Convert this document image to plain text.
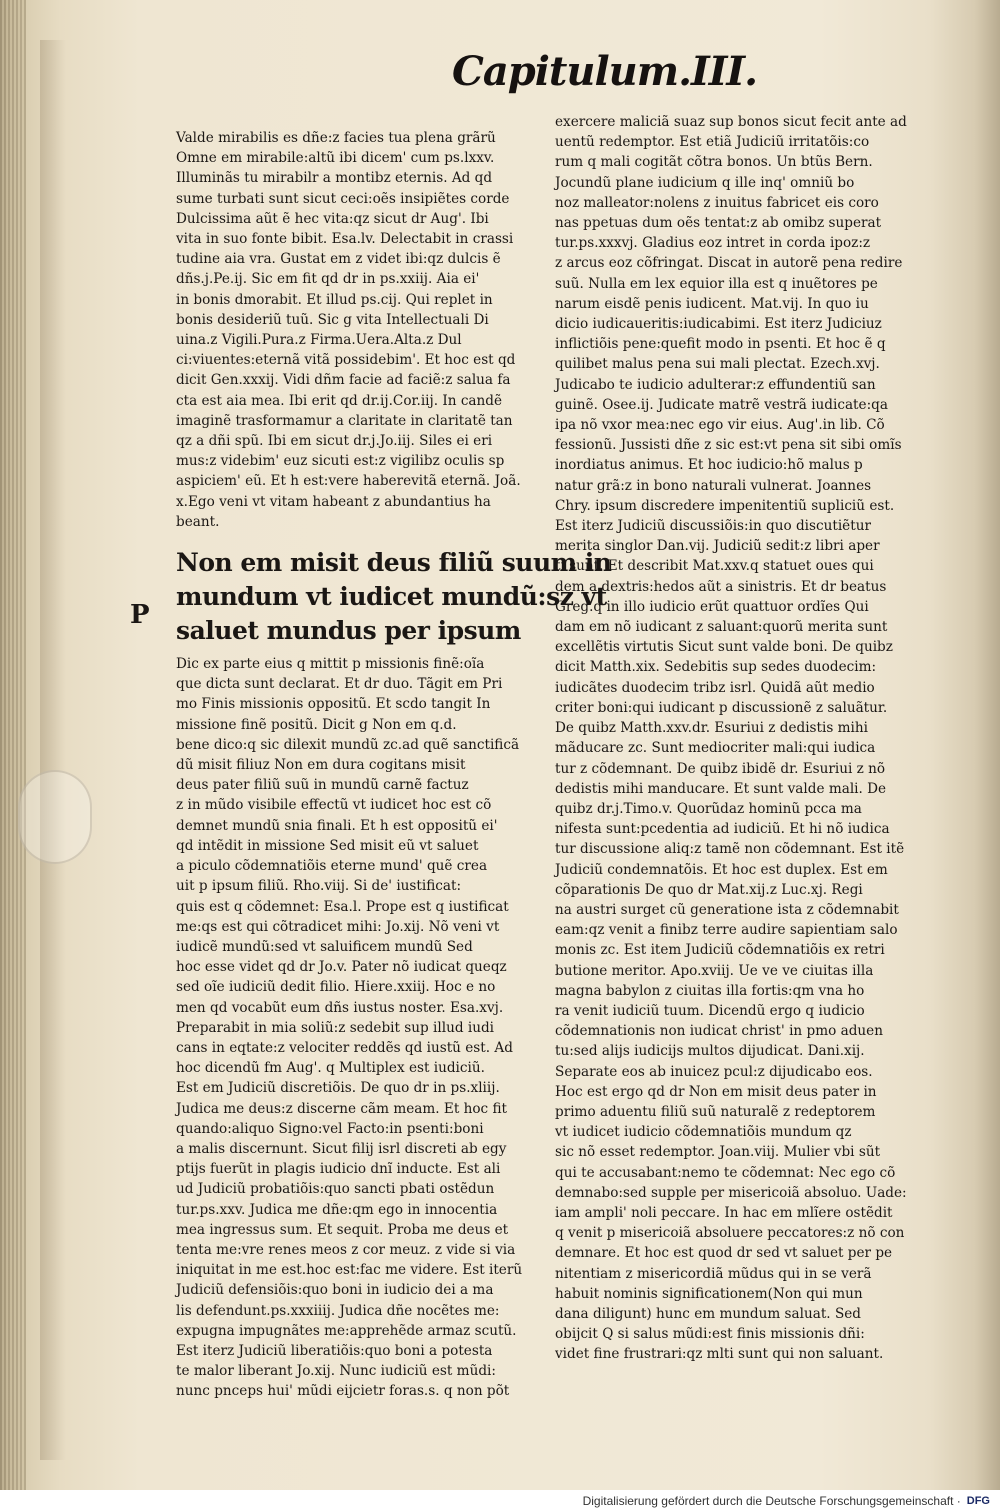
Capitulum.III.
P
Valde mirabilis es dñe:z facies tua plena grãrũ
Omne em mirabile:altũ ibi dicem' cum ps.lxxv.
Illuminãs tu mirabilr a montibz eternis. Ad qd
sume turbati sunt sicut ceci:oẽs insipiẽtes corde
Dulcissima aũt ẽ hec vita:qz sicut dr Aug'. Ibi
vita in suo fonte bibit. Esa.lv. Delectabit in crassi
tudine aia vra. Gustat em z videt ibi:qz dulcis ẽ
dñs.j.Pe.ij. Sic em fit qd dr in ps.xxiij. Aia ei'
in bonis dmorabit. Et illud ps.cij. Qui replet in
bonis desideriũ tuũ. Sic g vita Intellectuali Di
uina.z Vigili.Pura.z Firma.Uera.Alta.z Dul
ci:viuentes:eternã vitã possidebim'. Et hoc est qd
dicit Gen.xxxij. Vidi dñm facie ad faciẽ:z salua fa
cta est aia mea. Ibi erit qd dr.ij.Cor.iij. In candẽ
imaginẽ trasformamur a claritate in claritatẽ tan
qz a dñi spũ. Ibi em sicut dr.j.Jo.iij. Siles ei eri
mus:z videbim' euz sicuti est:z vigilibz oculis sp
aspiciem' eũ. Et h est:vere haberevitã eternã. Joã.
x.Ego veni vt vitam habeant z abundantius ha
beant.
Non em misit deus filiũ suum in
mundum vt iudicet mundũ:sz vt
saluet mundus per ipsum
Dic ex parte eius q mittit p missionis finẽ:oĩa
que dicta sunt declarat. Et dr duo. Tãgit em Pri
mo Finis missionis oppositũ. Et scdo tangit In
missione finẽ positũ. Dicit g Non em q.d.
bene dico:q sic dilexit mundũ zc.ad quẽ sanctificã
dũ misit filiuz Non em dura cogitans misit
deus pater filiũ suũ in mundũ carnẽ factuz
z in mũdo visibile effectũ vt iudicet hoc est cõ
demnet mundũ snia finali. Et h est oppositũ ei'
qd intẽdit in missione Sed misit eũ vt saluet
a piculo cõdemnatiõis eterne mund' quẽ crea
uit p ipsum filiũ. Rho.viij. Si de' iustificat:
quis est q cõdemnet: Esa.l. Prope est q iustificat
me:qs est qui cõtradicet mihi: Jo.xij. Nõ veni vt
iudicẽ mundũ:sed vt saluificem mundũ Sed
hoc esse videt qd dr Jo.v. Pater nõ iudicat queqz
sed oĩe iudiciũ dedit filio. Hiere.xxiij. Hoc e no
men qd vocabũt eum dñs iustus noster. Esa.xvj.
Preparabit in mia soliũ:z sedebit sup illud iudi
cans in eqtate:z velociter reddẽs qd iustũ est. Ad
hoc dicendũ fm Aug'. q Multiplex est iudiciũ.
Est em Judiciũ discretiõis. De quo dr in ps.xliij.
Judica me deus:z discerne cãm meam. Et hoc fit
quando:aliquo Signo:vel Facto:in psenti:boni
a malis discernunt. Sicut filij isrl discreti ab egy
ptijs fuerũt in plagis iudicio dnĩ inducte. Est ali
ud Judiciũ probatiõis:quo sancti pbati ostẽdun
tur.ps.xxv. Judica me dñe:qm ego in innocentia
mea ingressus sum. Et sequit. Proba me deus et
tenta me:vre renes meos z cor meuz. z vide si via
iniquitat in me est.hoc est:fac me videre. Est iterũ
Judiciũ defensiõis:quo boni in iudicio dei a ma
lis defendunt.ps.xxxiiij. Judica dñe nocẽtes me:
expugna impugnãtes me:apprehẽde armaz scutũ.
Est iterz Judiciũ liberatiõis:quo boni a potesta
te malor liberant Jo.xij. Nunc iudiciũ est mũdi:
nunc pnceps hui' mũdi eijcietr foras.s. q non põt
exercere maliciã suaz sup bonos sicut fecit ante ad
uentũ redemptor. Est etiã Judiciũ irritatõis:co
rum q mali cogitãt cõtra bonos. Un btũs Bern.
Jocundũ plane iudicium q ille inq' omniũ bo
noz malleator:nolens z inuitus fabricet eis coro
nas ppetuas dum oẽs tentat:z ab omibz superat
tur.ps.xxxvj. Gladius eoz intret in corda ipoz:z
z arcus eoz cõfringat. Discat in autorẽ pena redire
suũ. Nulla em lex equior illa est q inuẽtores pe
narum eisdẽ penis iudicent. Mat.vij. In quo iu
dicio iudicaueritis:iudicabimi. Est iterz Judiciuz
inflictiõis pene:quefit modo in psenti. Et hoc ẽ q
quilibet malus pena sui mali plectat. Ezech.xvj.
Judicabo te iudicio adulterar:z effundentiũ san
guinẽ. Osee.ij. Judicate matrẽ vestrã iudicate:qa
ipa nõ vxor mea:nec ego vir eius. Aug'.in lib. Cõ
fessionũ. Jussisti dñe z sic est:vt pena sit sibi omĩs
inordiatus animus. Et hoc iudicio:hõ malus p
natur grã:z in bono naturali vulnerat. Joannes
Chry. ipsum discredere impenitentiũ supliciũ est.
Est iterz Judiciũ discussiõis:in quo discutiẽtur
merita singlor Dan.vij. Judiciũ sedit:z libri aper
ti sunt. Et describit Mat.xxv.q statuet oues qui
dem a dextris:hedos aũt a sinistris. Et dr beatus
Greg.q in illo iudicio erũt quattuor ordĩes Qui
dam em nõ iudicant z saluant:quorũ merita sunt
excellẽtis virtutis Sicut sunt valde boni. De quibz
dicit Matth.xix. Sedebitis sup sedes duodecim:
iudicãtes duodecim tribz isrl. Quidã aũt medio
criter boni:qui iudicant p discussionẽ z saluãtur.
De quibz Matth.xxv.dr. Esuriui z dedistis mihi
mãducare zc. Sunt mediocriter mali:qui iudica
tur z cõdemnant. De quibz ibidẽ dr. Esuriui z nõ
dedistis mihi manducare. Et sunt valde mali. De
quibz dr.j.Timo.v. Quorũdaz hominũ pcca ma
nifesta sunt:pcedentia ad iudiciũ. Et hi nõ iudica
tur discussione aliq:z tamẽ non cõdemnant. Est itẽ
Judiciũ condemnatõis. Et hoc est duplex. Est em
cõparationis De quo dr Mat.xij.z Luc.xj. Regi
na austri surget cũ generatione ista z cõdemnabit
eam:qz venit a finibz terre audire sapientiam salo
monis zc. Est item Judiciũ cõdemnatiõis ex retri
butione meritor. Apo.xviij. Ue ve ve ciuitas illa
magna babylon z ciuitas illa fortis:qm vna ho
ra venit iudiciũ tuum. Dicendũ ergo q iudicio
cõdemnationis non iudicat christ' in pmo aduen
tu:sed alijs iudicijs multos dijudicat. Dani.xij.
Separate eos ab inuicez pcul:z dijudicabo eos.
Hoc est ergo qd dr Non em misit deus pater in
primo aduentu filiũ suũ naturalẽ z redeptorem
vt iudicet iudicio cõdemnatiõis mundum qz
sic nõ esset redemptor. Joan.viij. Mulier vbi sũt
qui te accusabant:nemo te cõdemnat: Nec ego cõ
demnabo:sed supple per misericoiã absoluo. Uade:
iam ampli' noli peccare. In hac em mlĩere ostẽdit
q venit p misericoiã absoluere peccatores:z nõ con
demnare. Et hoc est quod dr sed vt saluet per pe
nitentiam z misericordiã mũdus qui in se verã
habuit nominis significationem(Non qui mun
dana diligunt) hunc em mundum saluat. Sed
obijcit Q si salus mũdi:est finis missionis dñi:
videt fine frustrari:qz mlti sunt qui non saluant.
Digitalisierung gefördert durch die Deutsche Forschungsgemeinschaft · DFG
